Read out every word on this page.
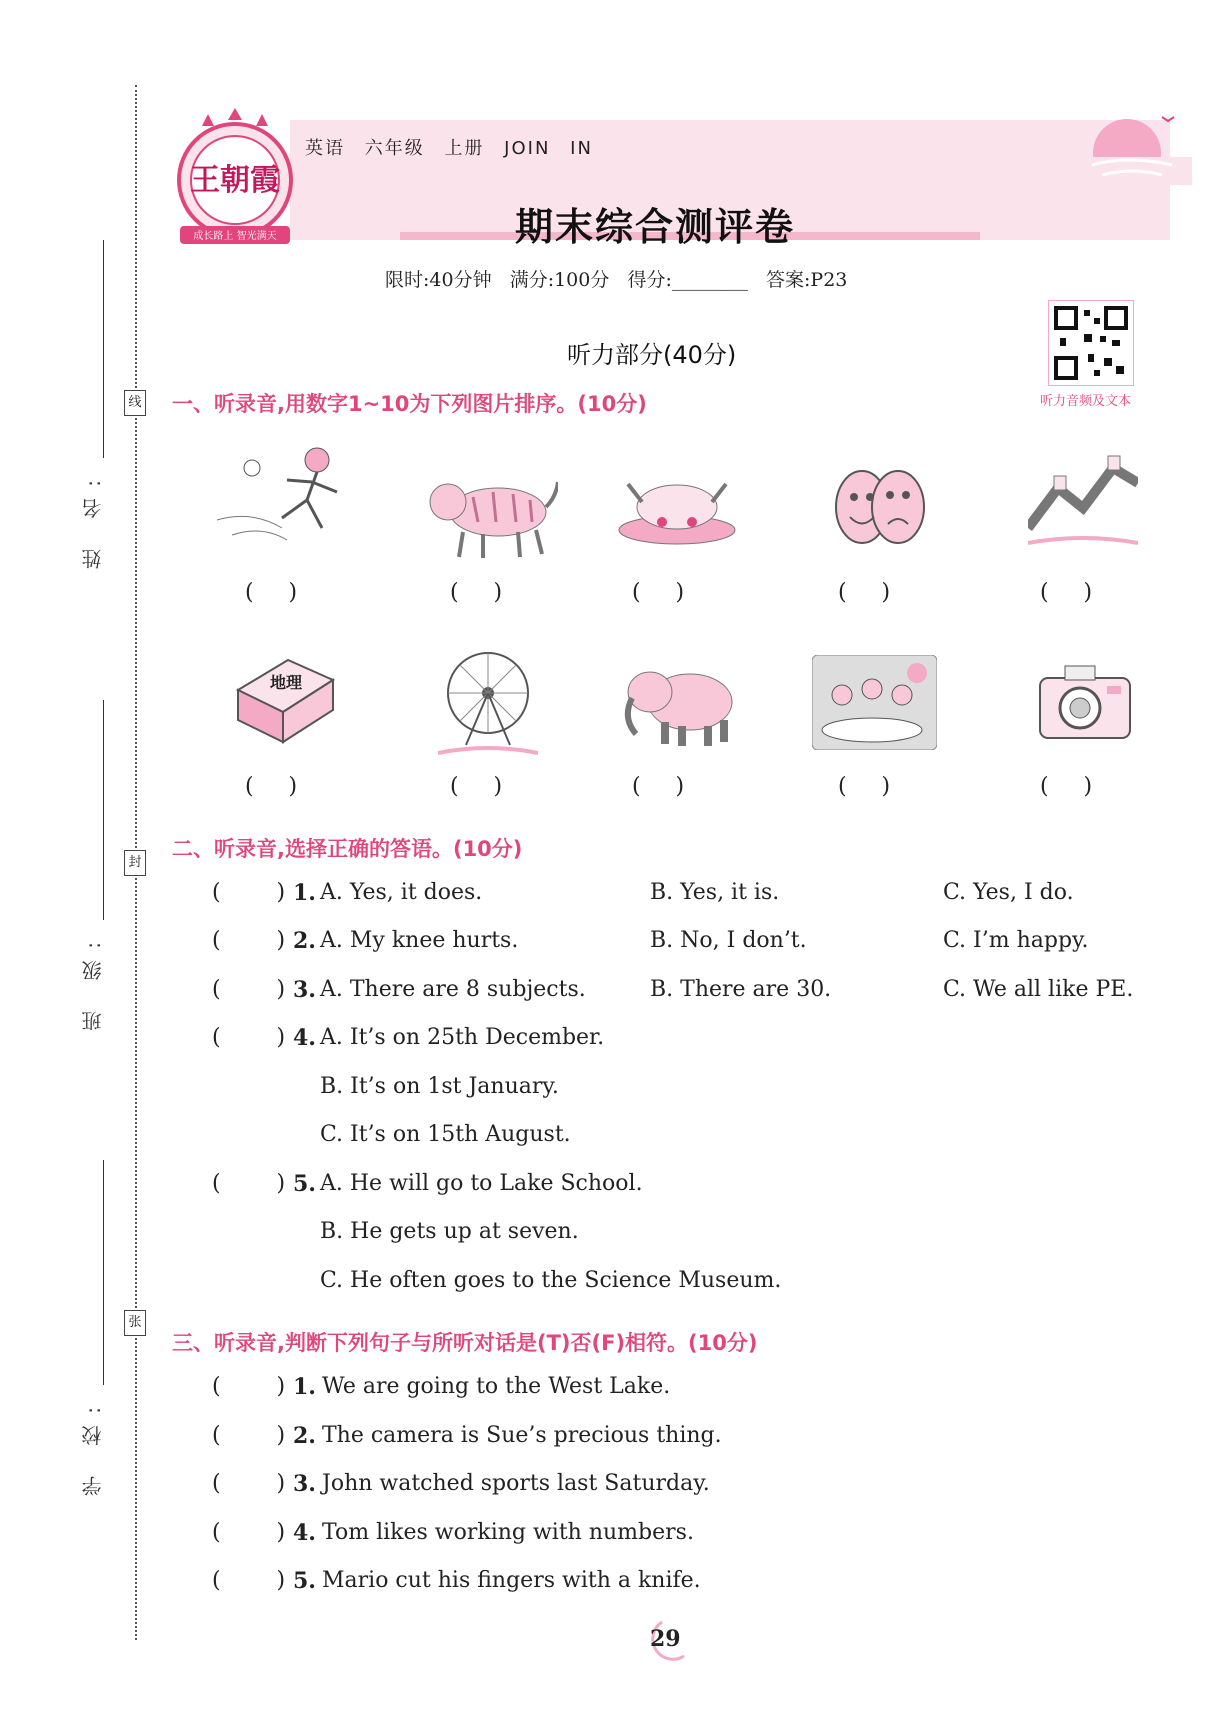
姓 名:
班 级:
学 校:
线
封
张
王朝霞
成长路上 智光满天
英语 六年级 上册 JOIN IN
期末综合测评卷
限时:40分钟   满分:100分   得分:________   答案:P23
听力音频及文本
听力部分(40分)
一、听录音,用数字1~10为下列图片排序。(10分)
(     )	(     )	(     )	(     )	(     )
地理
(     )	(     )	(     )	(     )	(     )
二、听录音,选择正确的答语。(10分)
(        ) 1. A. Yes, it does.	B. Yes, it is.	C. Yes, I do.
(        ) 2. A. My knee hurts.	B. No, I don’t.	C. I’m happy.
(        ) 3. A. There are 8 subjects.	B. There are 30.	C. We all like PE.
(        ) 4. A. It’s on 25th December.
B. It’s on 1st January.
C. It’s on 15th August.
(        ) 5. A. He will go to Lake School.
B. He gets up at seven.
C. He often goes to the Science Museum.
三、听录音,判断下列句子与所听对话是(T)否(F)相符。(10分)
(        ) 1. We are going to the West Lake.
(        ) 2. The camera is Sue’s precious thing.
(        ) 3. John watched sports last Saturday.
(        ) 4. Tom likes working with numbers.
(        ) 5. Mario cut his fingers with a knife.
29
